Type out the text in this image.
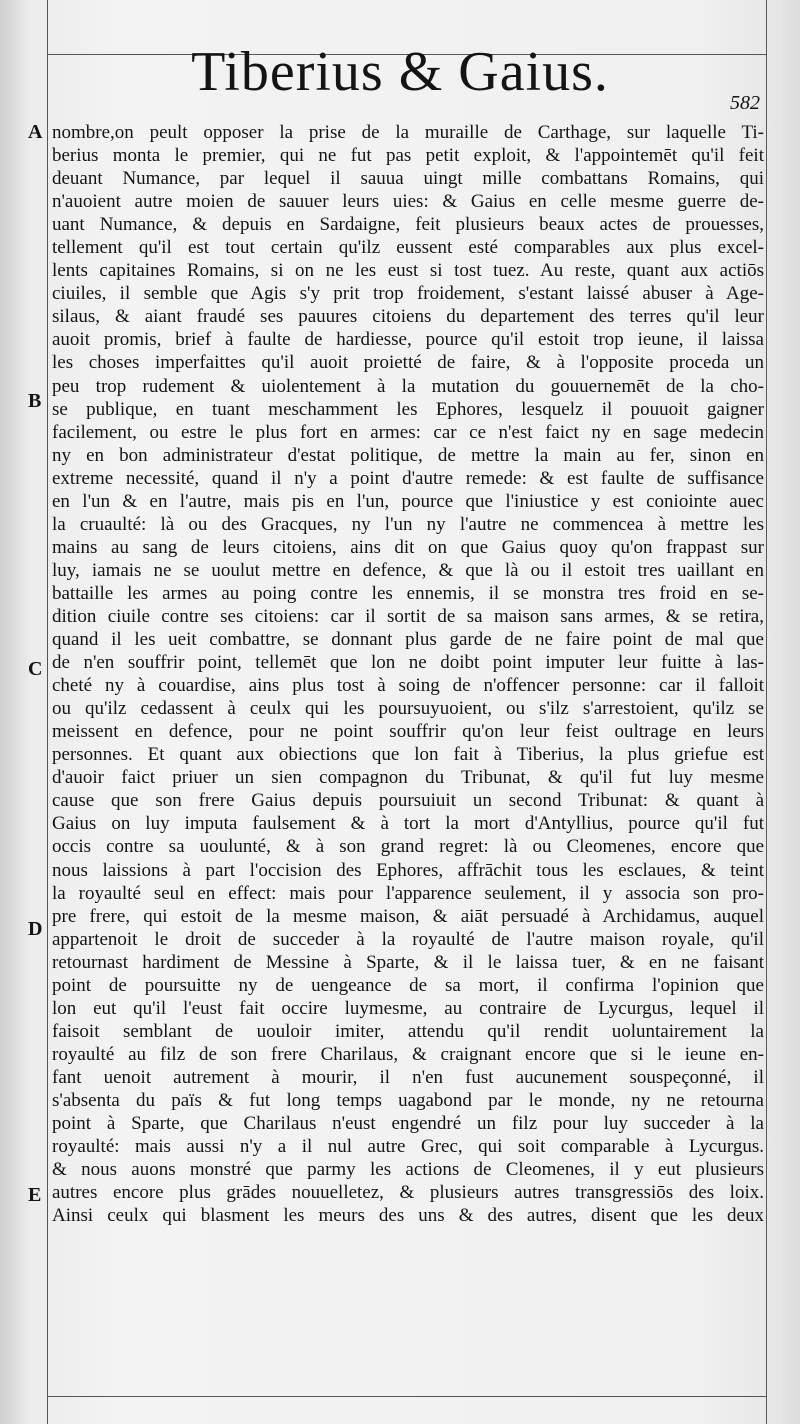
Tiberius & Gaius.	582
A
B
C
D
E
nombre,on peult opposer la prise de la muraille de Carthage, sur laquelle Ti-
berius monta le premier, qui ne fut pas petit exploit, & l'appointemēt qu'il feit
deuant Numance, par lequel il sauua uingt mille combattans Romains, qui
n'auoient autre moien de sauuer leurs uies: & Gaius en celle mesme guerre de-
uant Numance, & depuis en Sardaigne, feit plusieurs beaux actes de prouesses,
tellement qu'il est tout certain qu'ilz eussent esté comparables aux plus excel-
lents capitaines Romains, si on ne les eust si tost tuez. Au reste, quant aux actiōs
ciuiles, il semble que Agis s'y prit trop froidement, s'estant laissé abuser à Age-
silaus, & aiant fraudé ses pauures citoiens du departement des terres qu'il leur
auoit promis, brief à faulte de hardiesse, pource qu'il estoit trop ieune, il laissa
les choses imperfaittes qu'il auoit proietté de faire, & à l'opposite proceda un
peu trop rudement & uiolentement à la mutation du gouuernemēt de la cho-
se publique, en tuant meschamment les Ephores, lesquelz il pouuoit gaigner
facilement, ou estre le plus fort en armes: car ce n'est faict ny en sage medecin
ny en bon administrateur d'estat politique, de mettre la main au fer, sinon en
extreme necessité, quand il n'y a point d'autre remede: & est faulte de suffisance
en l'un & en l'autre, mais pis en l'un, pource que l'iniustice y est coniointe auec
la cruaulté: là ou des Gracques, ny l'un ny l'autre ne commencea à mettre les
mains au sang de leurs citoiens, ains dit on que Gaius quoy qu'on frappast sur
luy, iamais ne se uoulut mettre en defence, & que là ou il estoit tres uaillant en
battaille les armes au poing contre les ennemis, il se monstra tres froid en se-
dition ciuile contre ses citoiens: car il sortit de sa maison sans armes, & se retira,
quand il les ueit combattre, se donnant plus garde de ne faire point de mal que
de n'en souffrir point, tellemēt que lon ne doibt point imputer leur fuitte à las-
cheté ny à couardise, ains plus tost à soing de n'offencer personne: car il falloit
ou qu'ilz cedassent à ceulx qui les poursuyuoient, ou s'ilz s'arrestoient, qu'ilz se
meissent en defence, pour ne point souffrir qu'on leur feist oultrage en leurs
personnes. Et quant aux obiections que lon fait à Tiberius, la plus griefue est
d'auoir faict priuer un sien compagnon du Tribunat, & qu'il fut luy mesme
cause que son frere Gaius depuis poursuiuit un second Tribunat: & quant à
Gaius on luy imputa faulsement & à tort la mort d'Antyllius, pource qu'il fut
occis contre sa uoulunté, & à son grand regret: là ou Cleomenes, encore que
nous laissions à part l'occision des Ephores, affrāchit tous les esclaues, & teint
la royaulté seul en effect: mais pour l'apparence seulement, il y associa son pro-
pre frere, qui estoit de la mesme maison, & aiāt persuadé à Archidamus, auquel
appartenoit le droit de succeder à la royaulté de l'autre maison royale, qu'il
retournast hardiment de Messine à Sparte, & il le laissa tuer, & en ne faisant
point de poursuitte ny de uengeance de sa mort, il confirma l'opinion que
lon eut qu'il l'eust fait occire luymesme, au contraire de Lycurgus, lequel il
faisoit semblant de uouloir imiter, attendu qu'il rendit uoluntairement la
royaulté au filz de son frere Charilaus, & craignant encore que si le ieune en-
fant uenoit autrement à mourir, il n'en fust aucunement souspeçonné, il
s'absenta du païs & fut long temps uagabond par le monde, ny ne retourna
point à Sparte, que Charilaus n'eust engendré un filz pour luy succeder à la
royaulté: mais aussi n'y a il nul autre Grec, qui soit comparable à Lycurgus.
& nous auons monstré que parmy les actions de Cleomenes, il y eut plusieurs
autres encore plus grādes nouuelletez, & plusieurs autres transgressiōs des loix.
Ainsi ceulx qui blasment les meurs des uns & des autres, disent que les deux
